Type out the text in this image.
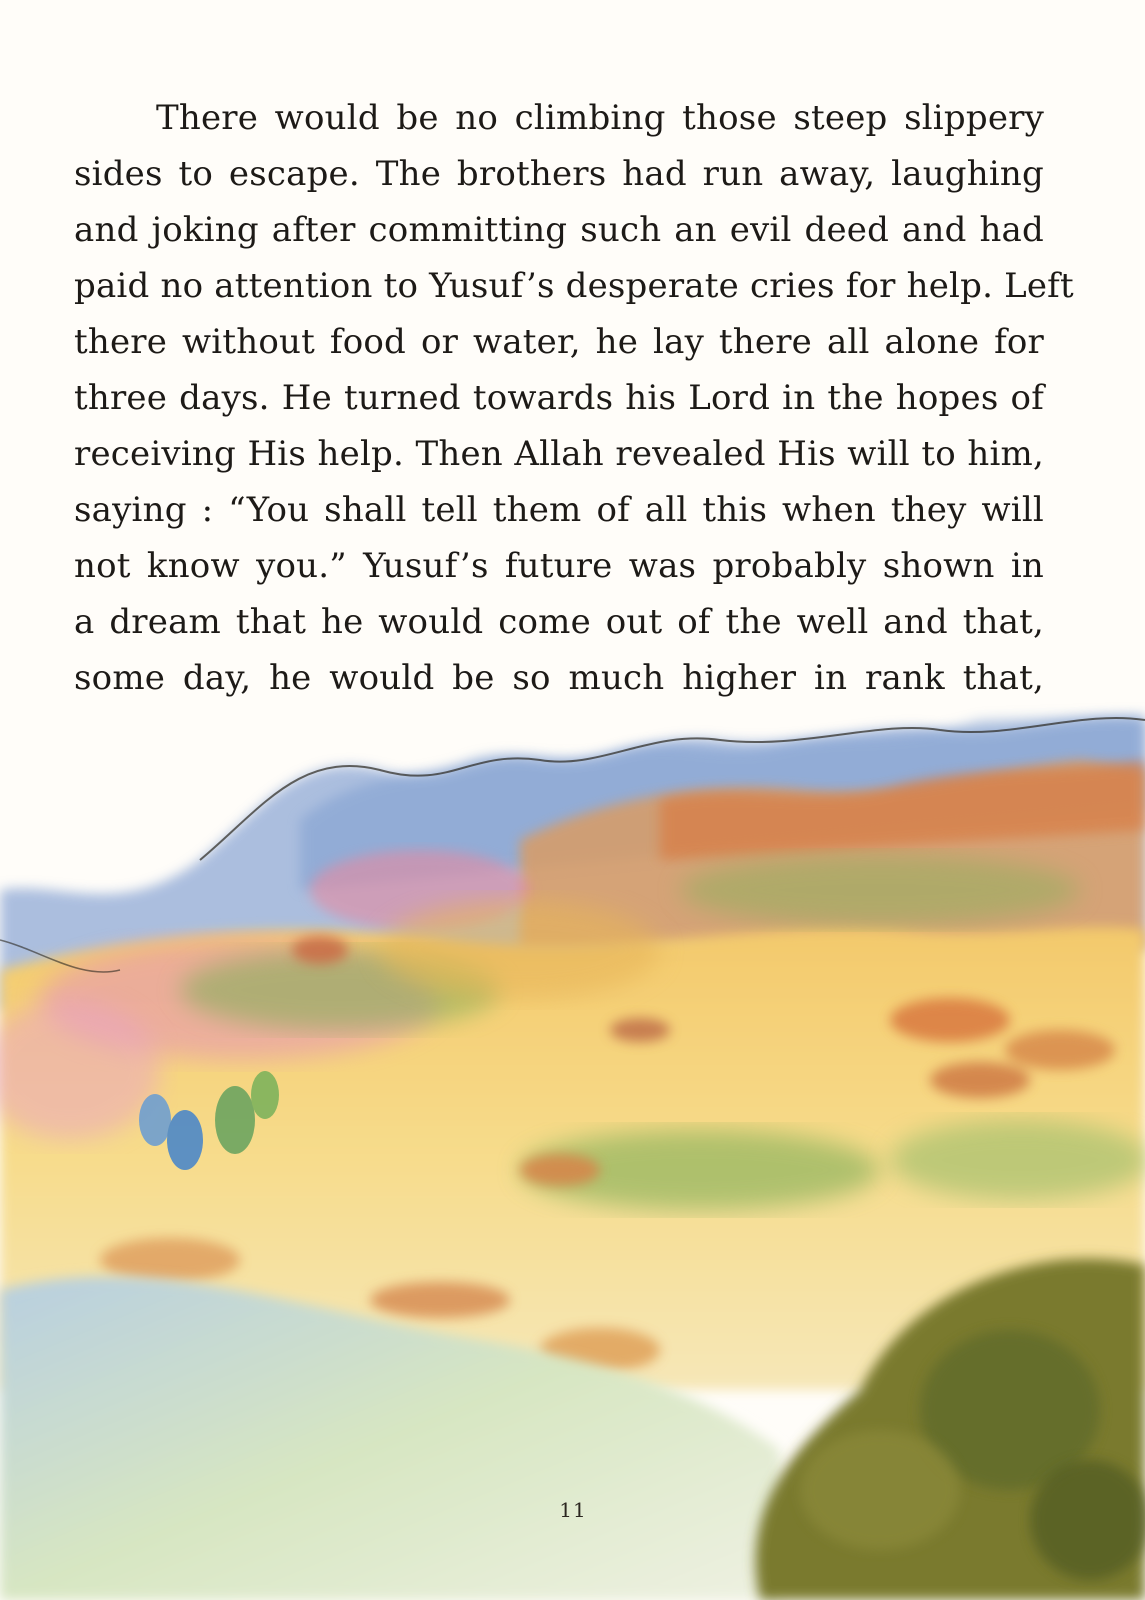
There would be no climbing those steep slippery
sides to escape. The brothers had run away, laughing
and joking after committing such an evil deed and had
paid no attention to Yusuf’s desperate cries for help. Left
there without food or water, he lay there all alone for
three days. He turned towards his Lord in the hopes of
receiving His help. Then Allah revealed His will to him,
saying : “You shall tell them of all this when they will
not know you.” Yusuf’s future was probably shown in
a dream that he would come out of the well and that,
some day, he would be so much higher in rank that,
11
